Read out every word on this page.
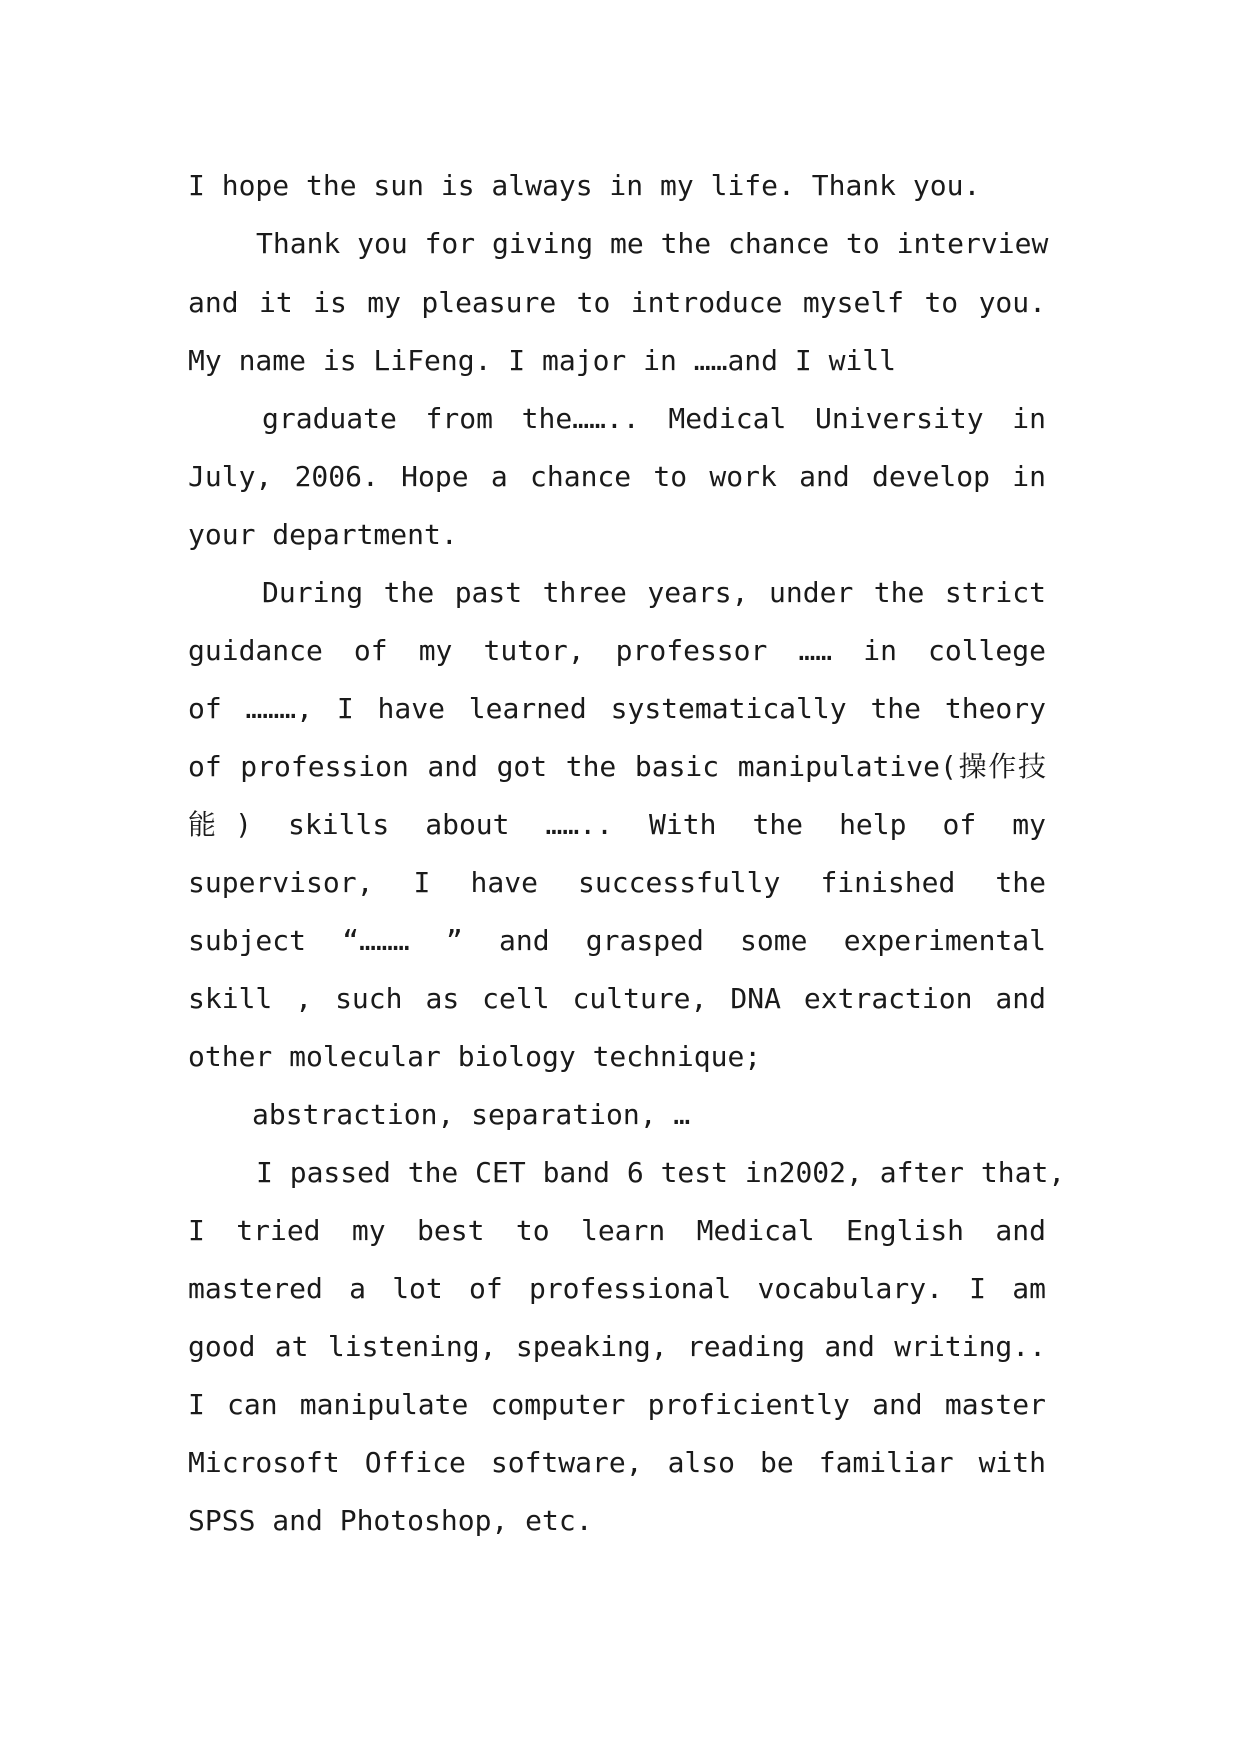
I hope the sun is always in my life. Thank you.
Thank you for giving me the chance to interview
and it is my pleasure to introduce myself to you.
My name is LiFeng. I major in ……and I will
graduate from the…….. Medical University in
July, 2006. Hope a chance to work and develop in
your department.
During the past three years, under the strict
guidance of my tutor, professor …… in college
of ………, I have learned systematically the theory
of profession and got the basic manipulative(操作技
能) skills about …….. With the help of my
supervisor, I have successfully finished the
subject “……… ” and grasped some experimental
skill , such as cell culture, DNA extraction and
other molecular biology technique;
abstraction, separation, …
I passed the CET band 6 test in2002, after that,
I tried my best to learn Medical English and
mastered a lot of professional vocabulary. I am
good at listening, speaking, reading and writing..
I can manipulate computer proficiently and master
Microsoft Office software, also be familiar with
SPSS and Photoshop, etc.
